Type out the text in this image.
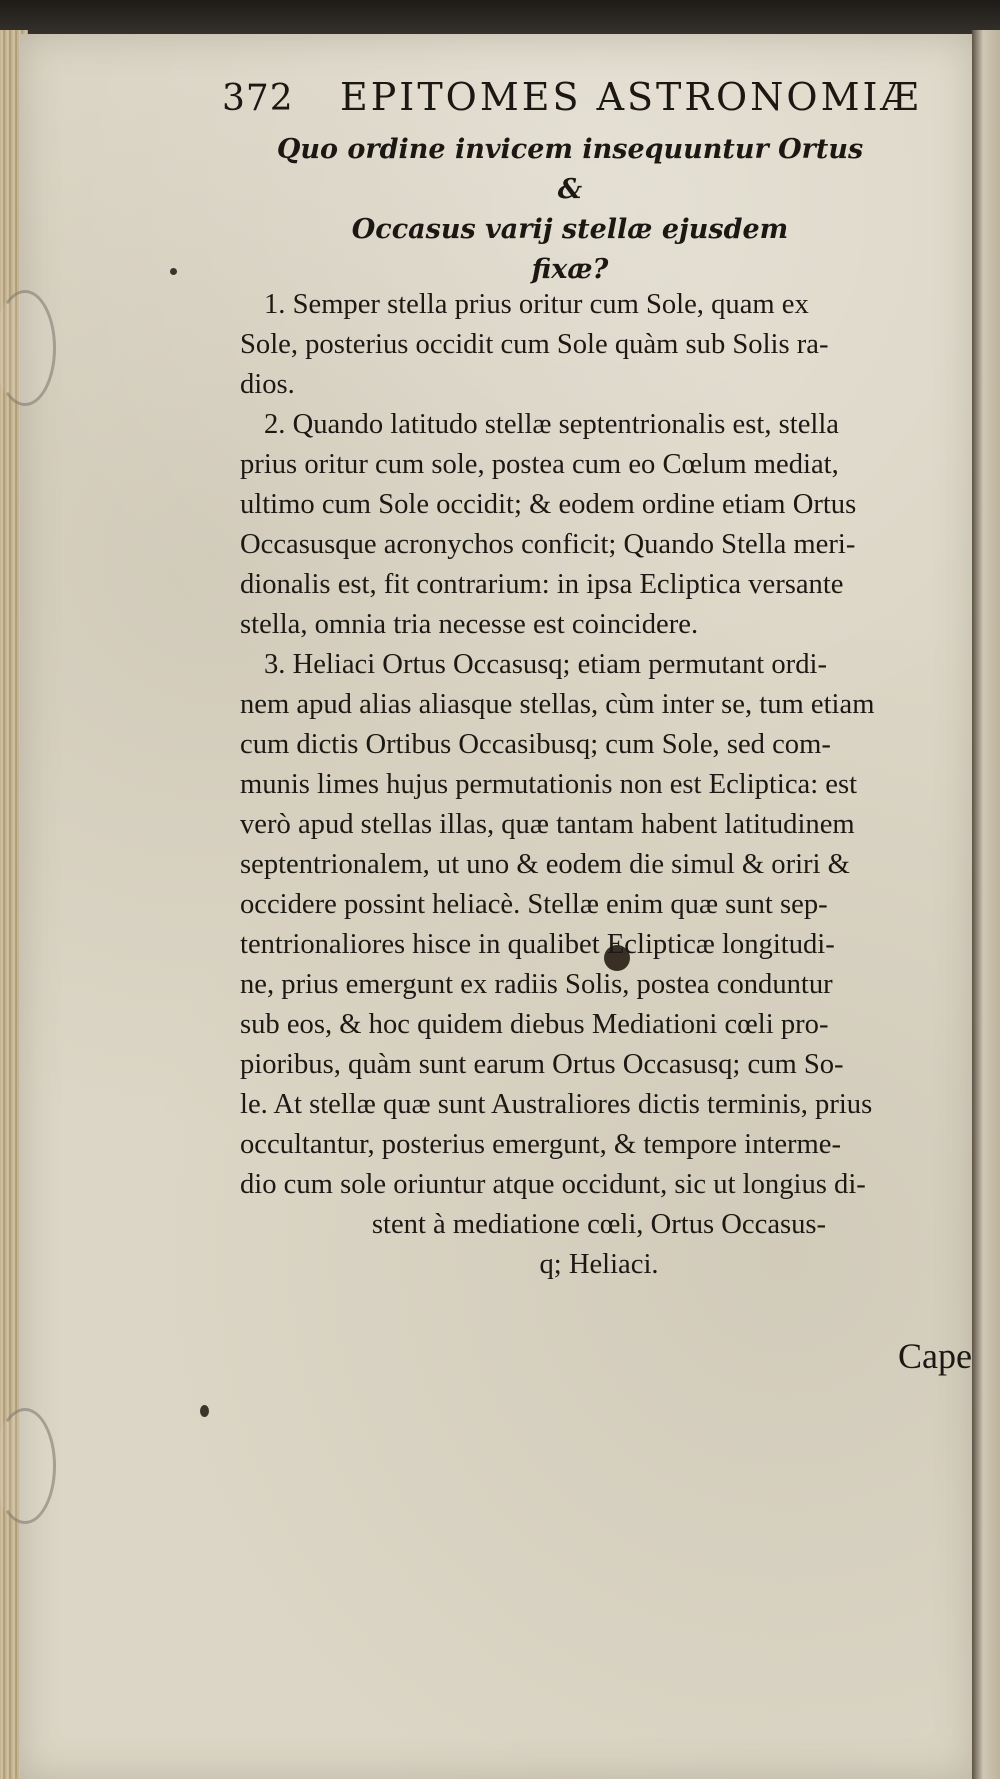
372 EPITOMES ASTRONOMIÆ
Quo ordine invicem insequuntur Ortus &
Occasus varij stellæ ejusdem
fixæ?
1. Semper stella prius oritur cum Sole, quam ex
Sole, posterius occidit cum Sole quàm sub Solis ra-
dios.
2. Quando latitudo stellæ septentrionalis est, stella
prius oritur cum sole, postea cum eo Cœlum mediat,
ultimo cum Sole occidit; & eodem ordine etiam Ortus
Occasusque acronychos conficit; Quando Stella meri-
dionalis est, fit contrarium: in ipsa Ecliptica versante
stella, omnia tria necesse est coincidere.
3. Heliaci Ortus Occasusq; etiam permutant ordi-
nem apud alias aliasque stellas, cùm inter se, tum etiam
cum dictis Ortibus Occasibusq; cum Sole, sed com-
munis limes hujus permutationis non est Ecliptica: est
verò apud stellas illas, quæ tantam habent latitudinem
septentrionalem, ut uno & eodem die simul & oriri &
occidere possint heliacè. Stellæ enim quæ sunt sep-
tentrionaliores hisce in qualibet Eclipticæ longitudi-
ne, prius emergunt ex radiis Solis, postea conduntur
sub eos, & hoc quidem diebus Mediationi cœli pro-
pioribus, quàm sunt earum Ortus Occasusq; cum So-
le. At stellæ quæ sunt Australiores dictis terminis, prius
occultantur, posterius emergunt, & tempore interme-
dio cum sole oriuntur atque occidunt, sic ut longius di-
stent à mediatione cœli, Ortus Occasus-
q; Heliaci.
Cape
